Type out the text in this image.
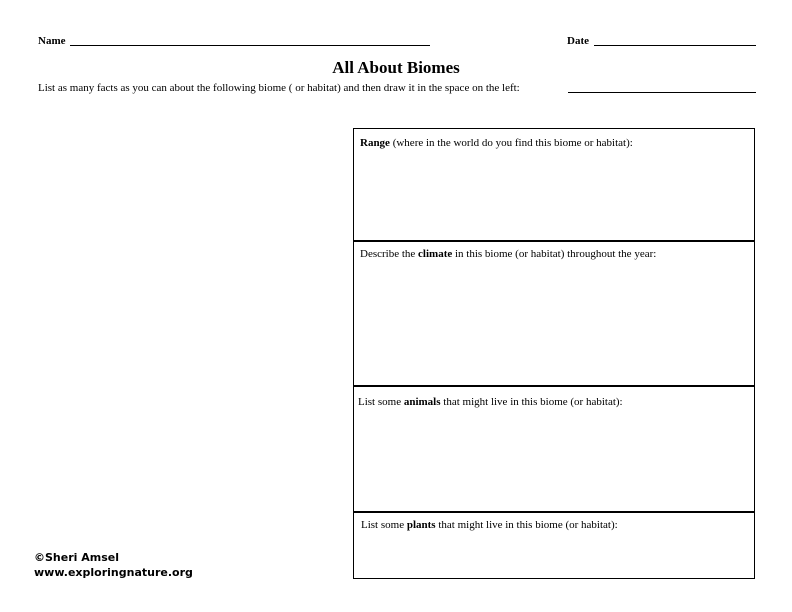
Name	Date
All About Biomes
List as many facts as you can about the following biome ( or habitat) and then draw it in the space on the left:
Range (where in the world do you find this biome or habitat):
Describe the climate in this biome (or habitat) throughout the year:
List some animals that might live in this biome (or habitat):
List some plants that might live in this biome (or habitat):
©Sheri Amsel
www.exploringnature.org
